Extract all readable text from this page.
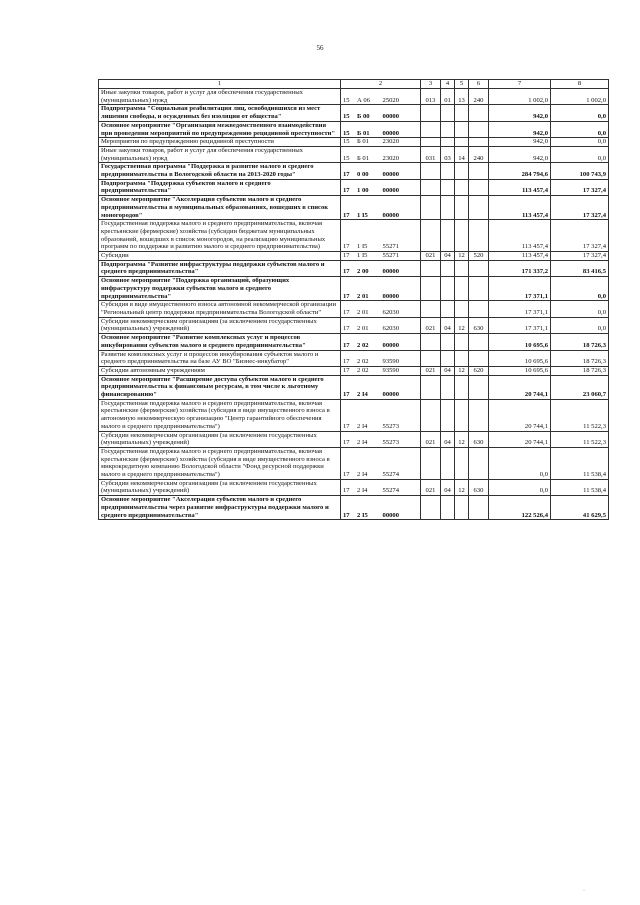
56
1	2	3	4	5	6	7	8
Иные закупки товаров, работ и услуг для обеспечения государственных (муниципальных) нужд	15 А 06 25020	013	01	13	240	1 002,0	1 002,0
Подпрограмма "Социальная реабилитация лиц, освободившихся из мест лишения свободы, и осужденных без изоляции от общества"	15 Б 00 00000					942,0	0,0
Основное мероприятие "Организация межведомственного взаимодействия при проведении мероприятий по предупреждению рецидивной преступности"	15 Б 01 00000					942,0	0,0
Мероприятия по предупреждению рецидивной преступности	15 Б 01 23020					942,0	0,0
Иные закупки товаров, работ и услуг для обеспечения государственных (муниципальных) нужд	15 Б 01 23020	031	03	14	240	942,0	0,0
Государственная программа "Поддержка и развитие малого и среднего предпринимательства в Вологодской области на 2013-2020 годы"	17 0 00 00000					284 794,6	100 743,9
Подпрограмма "Поддержка субъектов малого и среднего предпринимательства"	17 1 00 00000					113 457,4	17 327,4
Основное мероприятие "Акселерация субъектов малого и среднего предпринимательства в муниципальных образованиях, вошедших в список моногородов"	17 1 I5 00000					113 457,4	17 327,4
Государственная поддержка малого и среднего предпринимательства, включая крестьянские (фермерские) хозяйства (субсидии бюджетам муниципальных образований, вошедших в список моногородов, на реализацию муниципальных программ по поддержке и развитию малого и среднего предпринимательства)	17 1 I5 55271					113 457,4	17 327,4
Субсидии	17 1 I5 55271	021	04	12	520	113 457,4	17 327,4
Подпрограмма "Развитие инфраструктуры поддержки субъектов малого и среднего предпринимательства"	17 2 00 00000					171 337,2	83 416,5
Основное мероприятие "Поддержка организаций, образующих инфраструктуру поддержки субъектов малого и среднего предпринимательства"	17 2 01 00000					17 371,1	0,0
Субсидия в виде имущественного взноса автономной некоммерческой организации "Региональный центр поддержки предпринимательства Вологодской области"	17 2 01 62030					17 371,1	0,0
Субсидии некоммерческим организациям (за исключением государственных (муниципальных) учреждений)	17 2 01 62030	021	04	12	630	17 371,1	0,0
Основное мероприятие "Развитие комплексных услуг и процессов инкубирования субъектов малого и среднего предпринимательства"	17 2 02 00000					10 695,6	18 726,3
Развитие комплексных услуг и процессов инкубирования субъектов малого и среднего предпринимательства на базе АУ ВО "Бизнес-инкубатор"	17 2 02 93590					10 695,6	18 726,3
Субсидии автономным учреждениям	17 2 02 93590	021	04	12	620	10 695,6	18 726,3
Основное мероприятие "Расширение доступа субъектов малого и среднего предпринимательства к финансовым ресурсам, в том числе к льготному финансированию"	17 2 I4 00000					20 744,1	23 060,7
Государственная поддержка малого и среднего предпринимательства, включая крестьянские (фермерские) хозяйства (субсидия в виде имущественного взноса в автономную некоммерческую организацию "Центр гарантийного обеспечения малого и среднего предпринимательства")	17 2 I4 55273					20 744,1	11 522,3
Субсидии некоммерческим организациям (за исключением государственных (муниципальных) учреждений)	17 2 I4 55273	021	04	12	630	20 744,1	11 522,3
Государственная поддержка малого и среднего предпринимательства, включая крестьянские (фермерские) хозяйства (субсидия в виде имущественного взноса в микрокредитную компанию Вологодской области "Фонд ресурсной поддержки малого и среднего предпринимательства")	17 2 I4 55274					0,0	11 538,4
Субсидии некоммерческим организациям (за исключением государственных (муниципальных) учреждений)	17 2 I4 55274	021	04	12	630	0,0	11 538,4
Основное мероприятие "Акселерация субъектов малого и среднего предпринимательства через развитие инфраструктуры поддержки малого и среднего предпринимательства"	17 2 I5 00000					122 526,4	41 629,5
·
